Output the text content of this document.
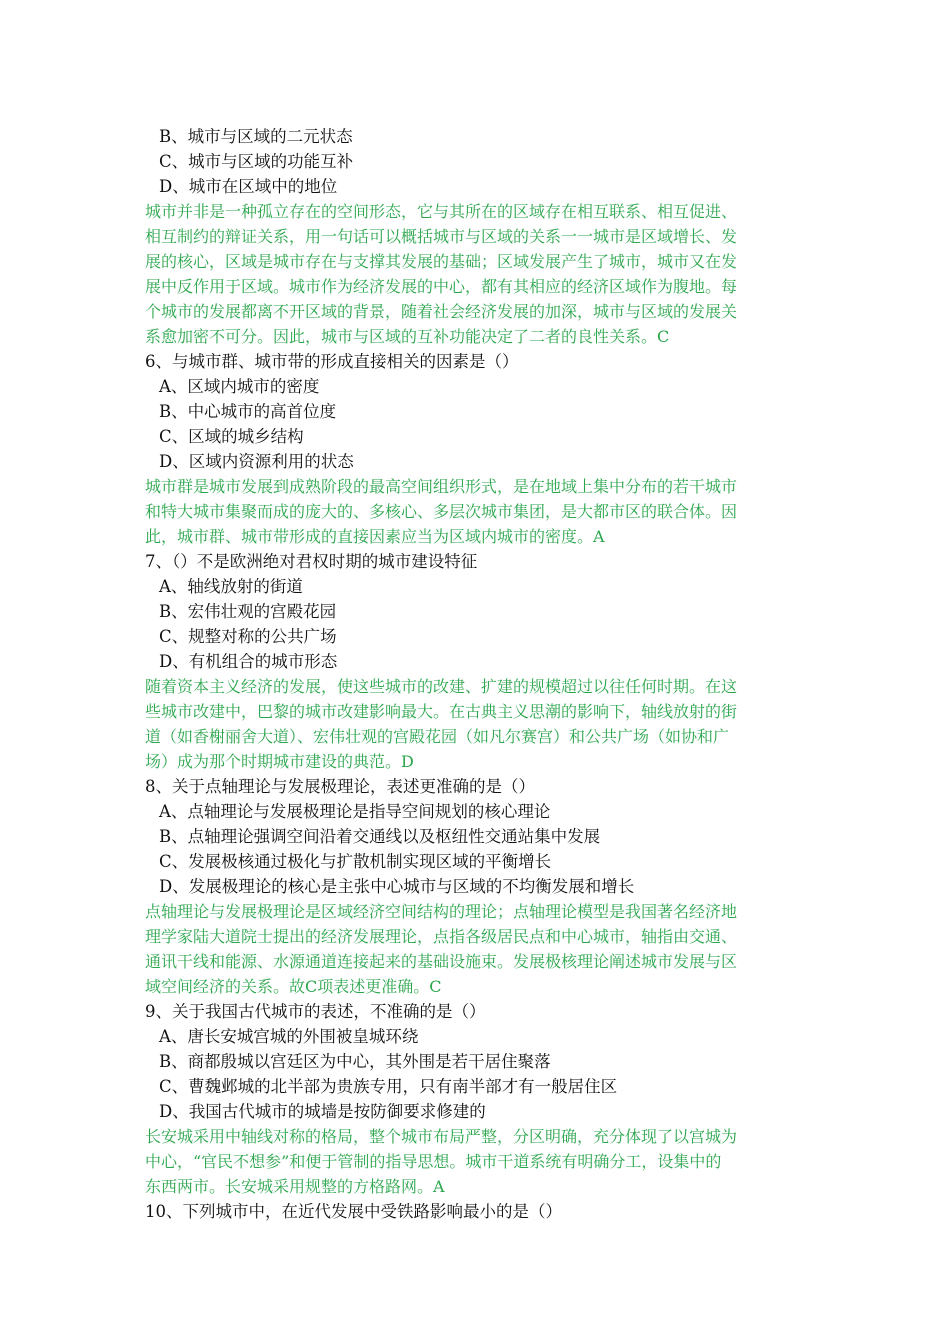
B、城市与区域的二元状态
C、城市与区域的功能互补
D、城市在区域中的地位
城市并非是一种孤立存在的空间形态，它与其所在的区域存在相互联系、相互促进、
相互制约的辩证关系，用一句话可以概括城市与区域的关系一一城市是区域增长、发
展的核心，区域是城市存在与支撑其发展的基础；区域发展产生了城市，城市又在发
展中反作用于区域。城市作为经济发展的中心，都有其相应的经济区域作为腹地。每
个城市的发展都离不开区域的背景，随着社会经济发展的加深，城市与区域的发展关
系愈加密不可分。因此，城市与区域的互补功能决定了二者的良性关系。C
6、与城市群、城市带的形成直接相关的因素是（）
A、区域内城市的密度
B、中心城市的高首位度
C、区域的城乡结构
D、区域内资源利用的状态
城市群是城市发展到成熟阶段的最高空间组织形式，是在地域上集中分布的若干城市
和特大城市集聚而成的庞大的、多核心、多层次城市集团，是大都市区的联合体。因
此，城市群、城市带形成的直接因素应当为区域内城市的密度。A
7、（）不是欧洲绝对君权时期的城市建设特征
A、轴线放射的街道
B、宏伟壮观的宫殿花园
C、规整对称的公共广场
D、有机组合的城市形态
随着资本主义经济的发展，使这些城市的改建、扩建的规模超过以往任何时期。在这
些城市改建中，巴黎的城市改建影响最大。在古典主义思潮的影响下，轴线放射的街
道（如香榭丽舍大道）、宏伟壮观的宫殿花园（如凡尔赛宫）和公共广场（如协和广
场）成为那个时期城市建设的典范。D
8、关于点轴理论与发展极理论，表述更准确的是（）
A、点轴理论与发展极理论是指导空间规划的核心理论
B、点轴理论强调空间沿着交通线以及枢纽性交通站集中发展
C、发展极核通过极化与扩散机制实现区域的平衡增长
D、发展极理论的核心是主张中心城市与区域的不均衡发展和增长
点轴理论与发展极理论是区域经济空间结构的理论；点轴理论模型是我国著名经济地
理学家陆大道院士提出的经济发展理论，点指各级居民点和中心城市，轴指由交通、
通讯干线和能源、水源通道连接起来的基础设施束。发展极核理论阐述城市发展与区
域空间经济的关系。故C项表述更准确。C
9、关于我国古代城市的表述，不准确的是（）
A、唐长安城宫城的外围被皇城环绕
B、商都殷城以宫廷区为中心，其外围是若干居住聚落
C、曹魏邺城的北半部为贵族专用，只有南半部才有一般居住区
D、我国古代城市的城墙是按防御要求修建的
长安城采用中轴线对称的格局，整个城市布局严整，分区明确，充分体现了以宫城为
中心，“官民不想参”和便于管制的指导思想。城市干道系统有明确分工，设集中的
东西两市。长安城采用规整的方格路网。A
10、下列城市中，在近代发展中受铁路影响最小的是（）
